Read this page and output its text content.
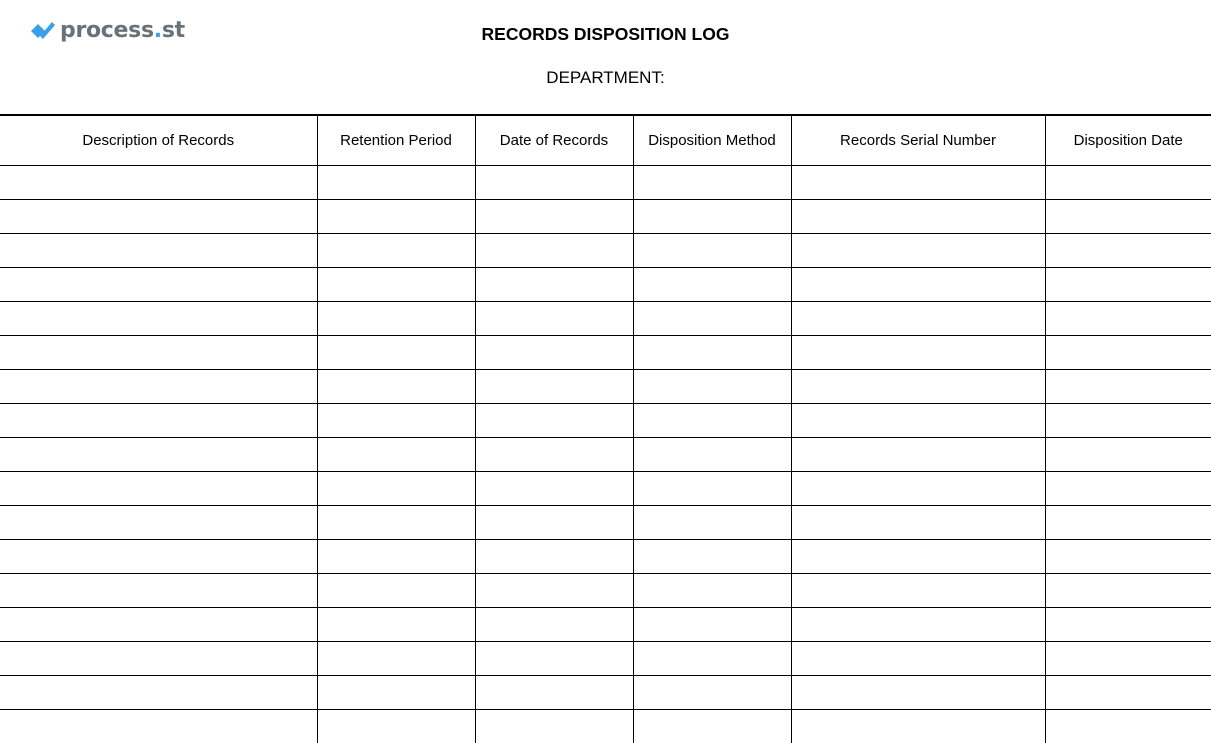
process.st	RECORDS DISPOSITION LOG
DEPARTMENT:
Description of Records	Retention Period	Date of Records	Disposition Method	Records Serial Number	Disposition Date
